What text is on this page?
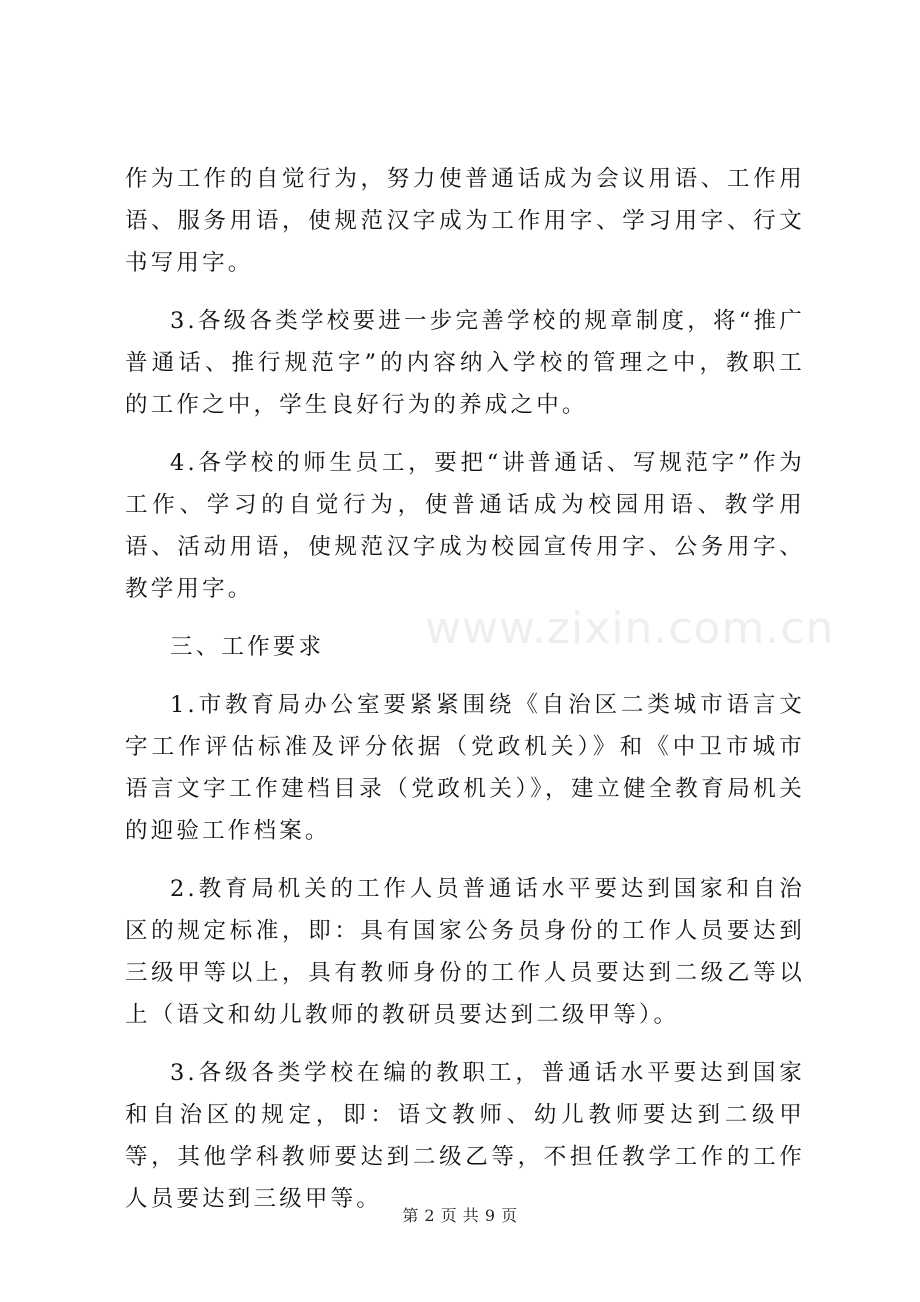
作为工作的自觉行为，努力使普通话成为会议用语、工作用语、服务用语，使规范汉字成为工作用字、学习用字、行文书写用字。

3.各级各类学校要进一步完善学校的规章制度，将“推广普通话、推行规范字”的内容纳入学校的管理之中，教职工的工作之中，学生良好行为的养成之中。

4.各学校的师生员工，要把“讲普通话、写规范字”作为工作、学习的自觉行为，使普通话成为校园用语、教学用语、活动用语，使规范汉字成为校园宣传用字、公务用字、教学用字。

三、工作要求

1.市教育局办公室要紧紧围绕《自治区二类城市语言文字工作评估标准及评分依据（党政机关）》和《中卫市城市语言文字工作建档目录（党政机关）》，建立健全教育局机关的迎验工作档案。

2.教育局机关的工作人员普通话水平要达到国家和自治区的规定标准，即：具有国家公务员身份的工作人员要达到三级甲等以上，具有教师身份的工作人员要达到二级乙等以上（语文和幼儿教师的教研员要达到二级甲等）。

3.各级各类学校在编的教职工，普通话水平要达到国家和自治区的规定，即：语文教师、幼儿教师要达到二级甲等，其他学科教师要达到二级乙等，不担任教学工作的工作人员要达到三级甲等。

www.zixin.com.cn
第 2 页 共 9 页
